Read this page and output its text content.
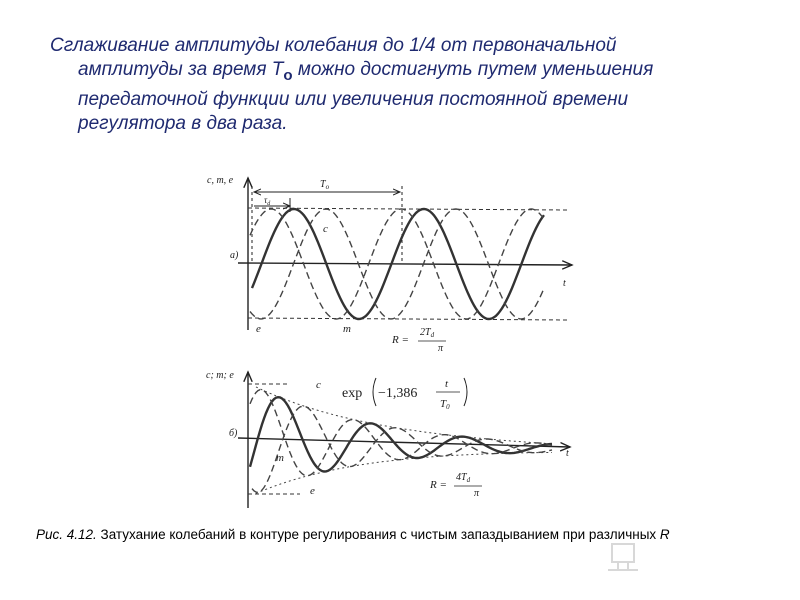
Сглаживание амплитуды колебания до 1/4 от первоначальной
амплитуды за время $T_o$ можно достигнуть путем уменьшения
передаточной функции или увеличения постоянной времени
регулятора в два раза.
c, m, e
a)
$T_o$
$\tau_d$
c
e	m
t
R =
$2T_d$
π
c; m; e
б)
c
m
e
t
exp −1,386
t
T0
R =
$4T_d$
π
Рис. 4.12. Затухание колебаний в контуре регулирования с чистым запаздыванием при различных R
